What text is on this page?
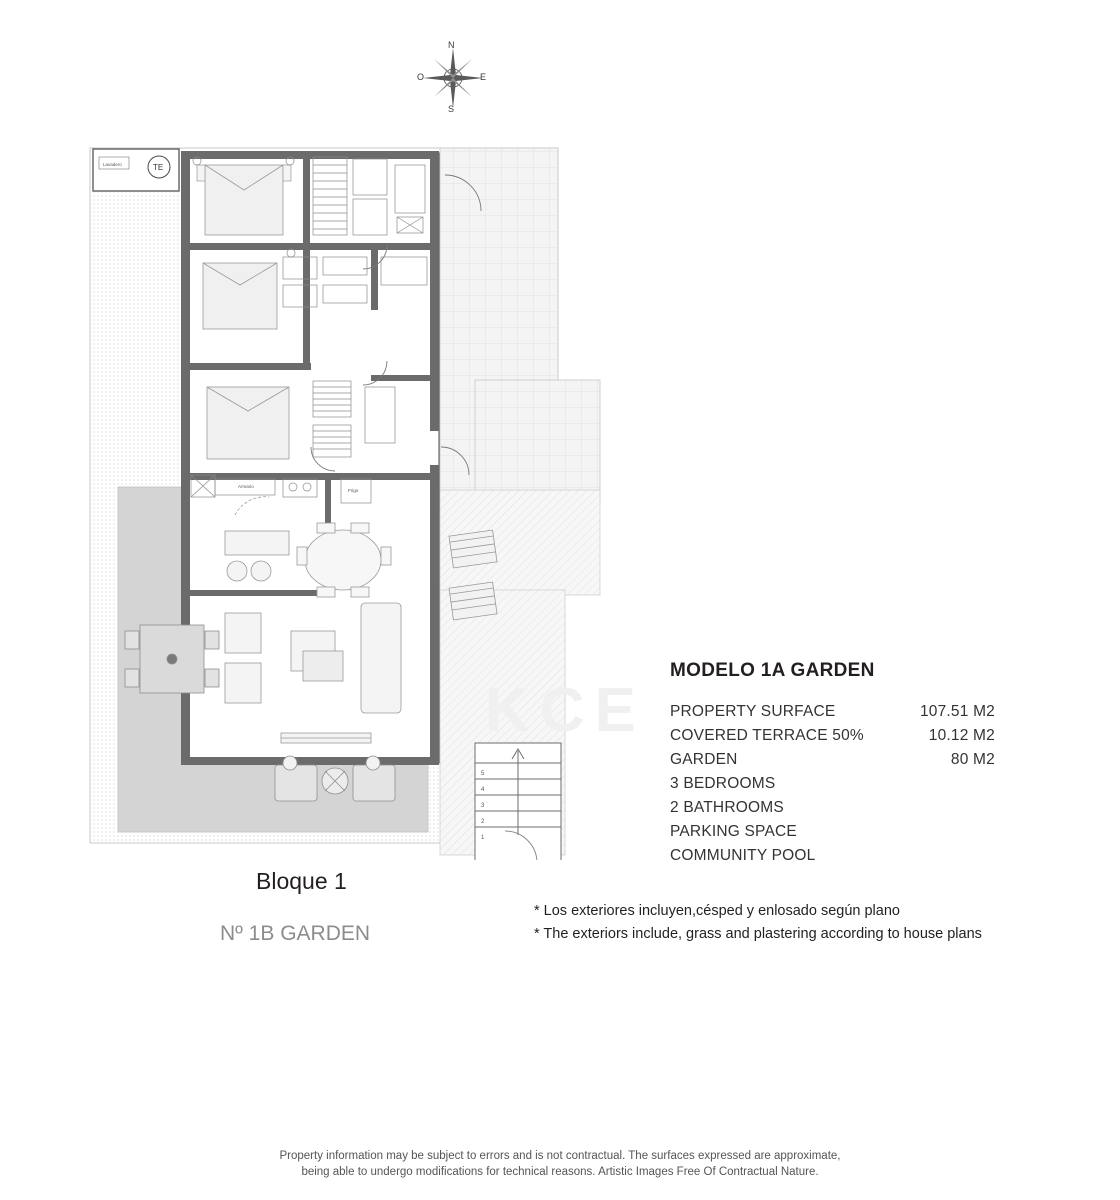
N
S
E
O
Lavadero	TE
5
4
3
2
1
Armario
Frigo
KCE
Bloque 1
Nº 1B GARDEN
MODELO 1A GARDEN
PROPERTY SURFACE	107.51 M2
COVERED TERRACE 50%	10.12 M2
GARDEN	80 M2
3 BEDROOMS
2 BATHROOMS
PARKING SPACE
COMMUNITY POOL
* Los exteriores incluyen,césped y enlosado según plano
* The exteriors include, grass and plastering according to house plans
Property information may be subject to errors and is not contractual. The surfaces expressed are approximate,
being able to undergo modifications for technical reasons. Artistic Images Free Of Contractual Nature.
